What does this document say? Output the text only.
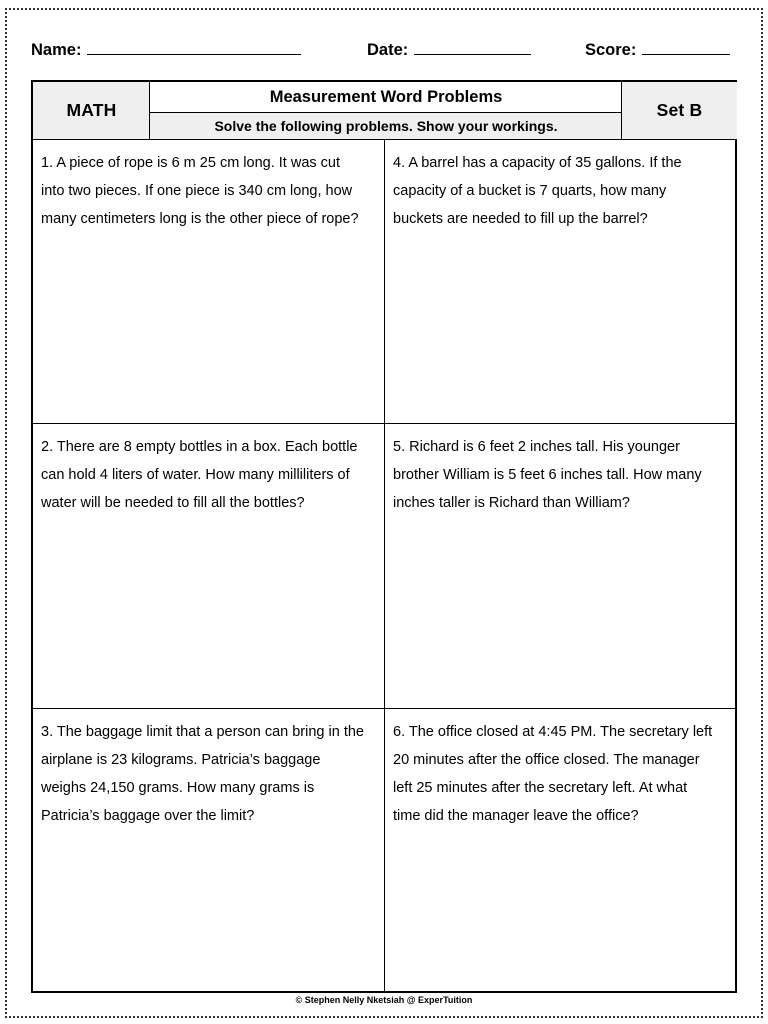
Name:	Date:	Score:
MATH
Measurement Word Problems
Solve the following problems. Show your workings.
Set B
1. A piece of rope is 6 m 25 cm long. It was cut
into two pieces. If one piece is 340 cm long, how
many centimeters long is the other piece of rope?
4. A barrel has a capacity of 35 gallons. If the
capacity of a bucket is 7 quarts, how many
buckets are needed to fill up the barrel?
2. There are 8 empty bottles in a box. Each bottle
can hold 4 liters of water. How many milliliters of
water will be needed to fill all the bottles?
5. Richard is 6 feet 2 inches tall. His younger
brother William is 5 feet 6 inches tall. How many
inches taller is Richard than William?
3. The baggage limit that a person can bring in the
airplane is 23 kilograms. Patricia’s baggage
weighs 24,150 grams. How many grams is
Patricia’s baggage over the limit?
6. The office closed at 4:45 PM. The secretary left
20 minutes after the office closed. The manager
left 25 minutes after the secretary left. At what
time did the manager leave the office?
© Stephen Nelly Nketsiah @ ExperTuition
